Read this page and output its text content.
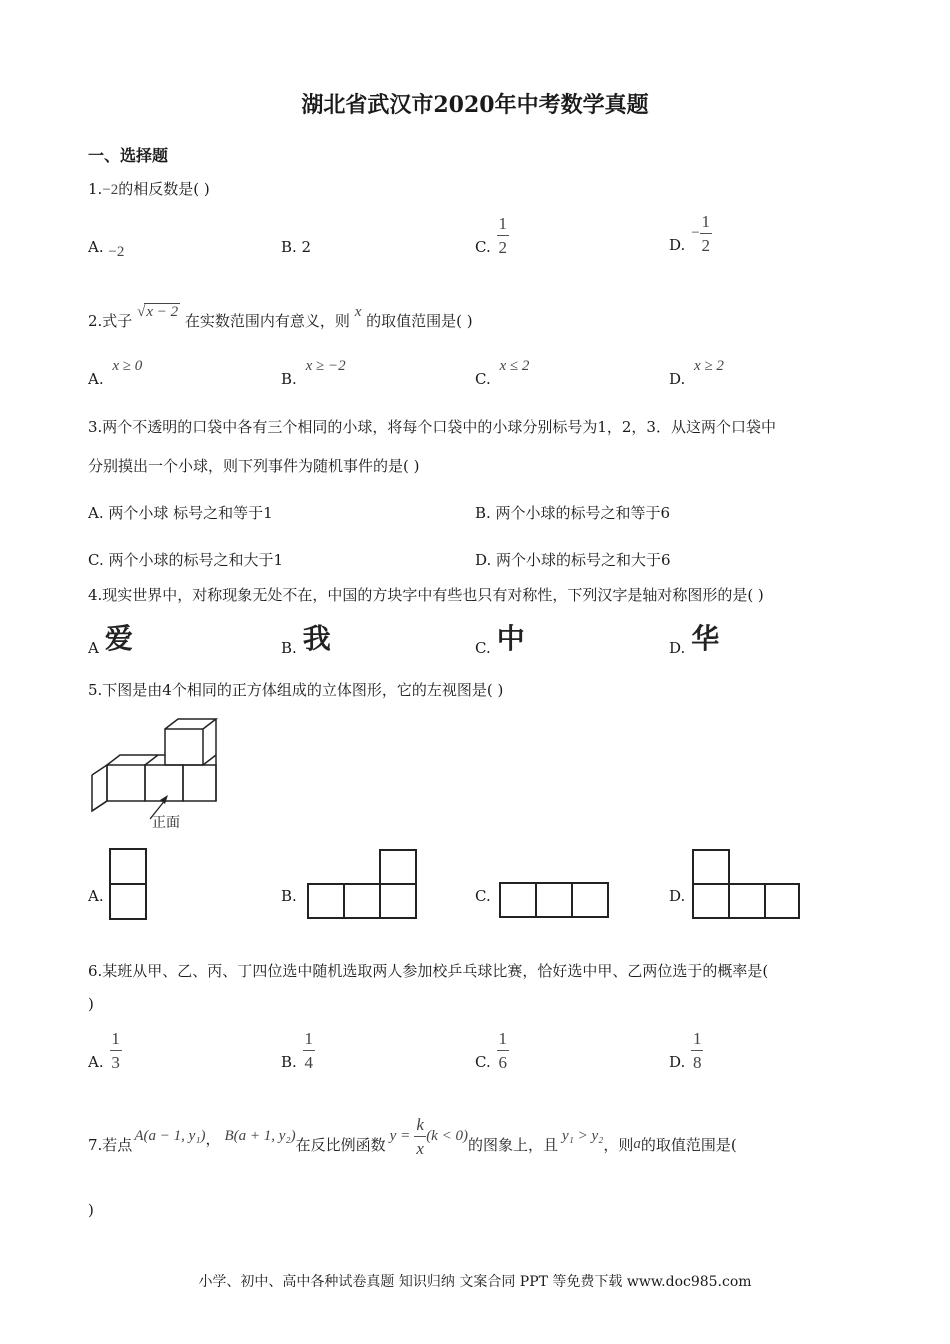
湖北省武汉市2020年中考数学真题
一、选择题
1.−2的相反数是( )
A. −2	B. 2	C. $\frac{1}{2}$	D.
− $\frac{1}{2}$
2.式子 √x − 2 在实数范围内有意义，则 x 的取值范围是( )
A. x ≥ 0
B. x ≥ −2
C. x ≤ 2
D. x ≥ 2
3.两个不透明的口袋中各有三个相同的小球，将每个口袋中的小球分别标号为1，2，3．从这两个口袋中
分别摸出一个小球，则下列事件为随机事件的是( )
A. 两个小球 标号之和等于1	B. 两个小球的标号之和等于6
C. 两个小球的标号之和大于1	D. 两个小球的标号之和大于6
4.现实世界中，对称现象无处不在，中国的方块字中有些也只有对称性，下列汉字是轴对称图形的是( )
A 爱	B. 我	C. 中	D. 华
5.下图是由4个相同的正方体组成的立体图形，它的左视图是( )
正面
A.	B.	C.	D.
6.某班从甲、乙、丙、丁四位选中随机选取两人参加校乒乓球比赛，恰好选中甲、乙两位选于的概率是(
)
A. $\frac{1}{3}$	B. $\frac{1}{4}$	C. $\frac{1}{6}$	D. $\frac{1}{8}$
7.若点 A(a − 1, y₁) ， B(a + 1, y₂) 在反比例函数 $y = \frac{k}{x} (k < 0)$ 的图象上，且 y₁ > y₂ ，则 a 的取值范围是(
)
小学、初中、高中各种试卷真题 知识归纳 文案合同 PPT 等免费下载 www.doc985.com
